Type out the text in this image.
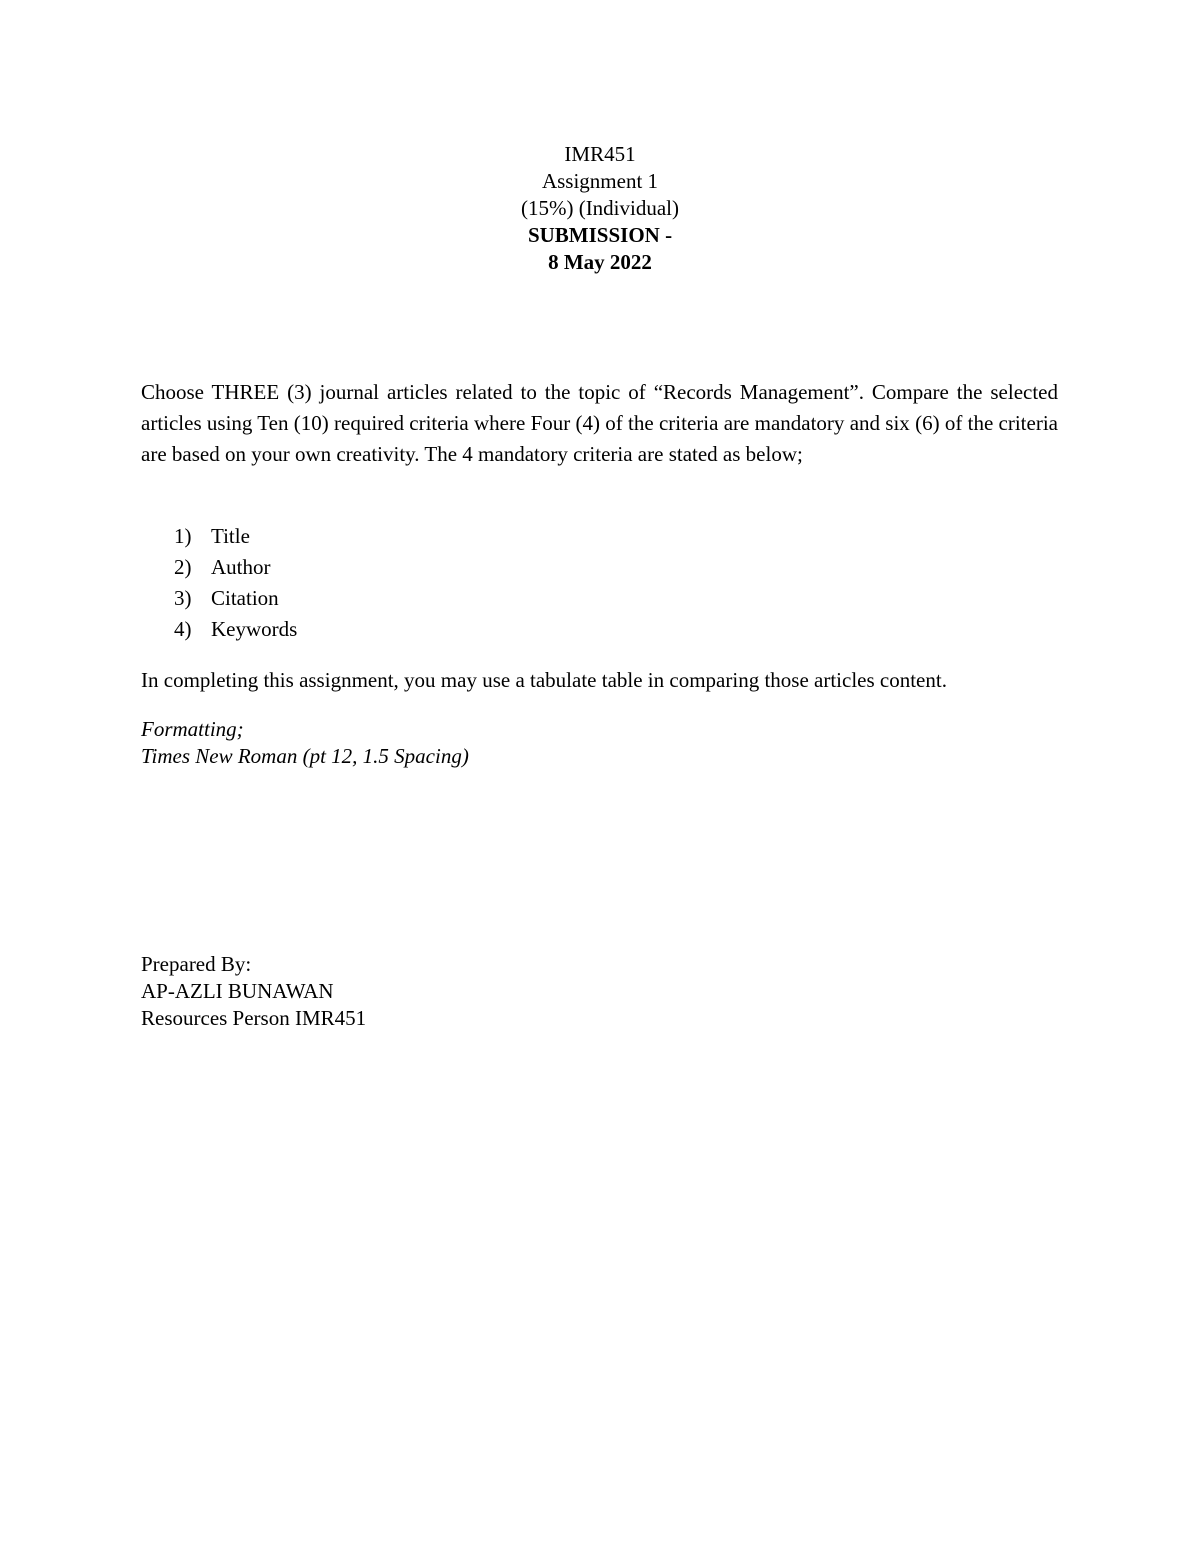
IMR451
Assignment 1
(15%) (Individual)
SUBMISSION -
8 May 2022
Choose THREE (3) journal articles related to the topic of “Records Management”. Compare the selected articles using Ten (10) required criteria where Four (4) of the criteria are mandatory and six (6) of the criteria are based on your own creativity. The 4 mandatory criteria are stated as below;
1) Title
2) Author
3) Citation
4) Keywords
In completing this assignment, you may use a tabulate table in comparing those articles content.
Formatting;
Times New Roman (pt 12, 1.5 Spacing)
Prepared By:
AP-AZLI BUNAWAN
Resources Person IMR451
